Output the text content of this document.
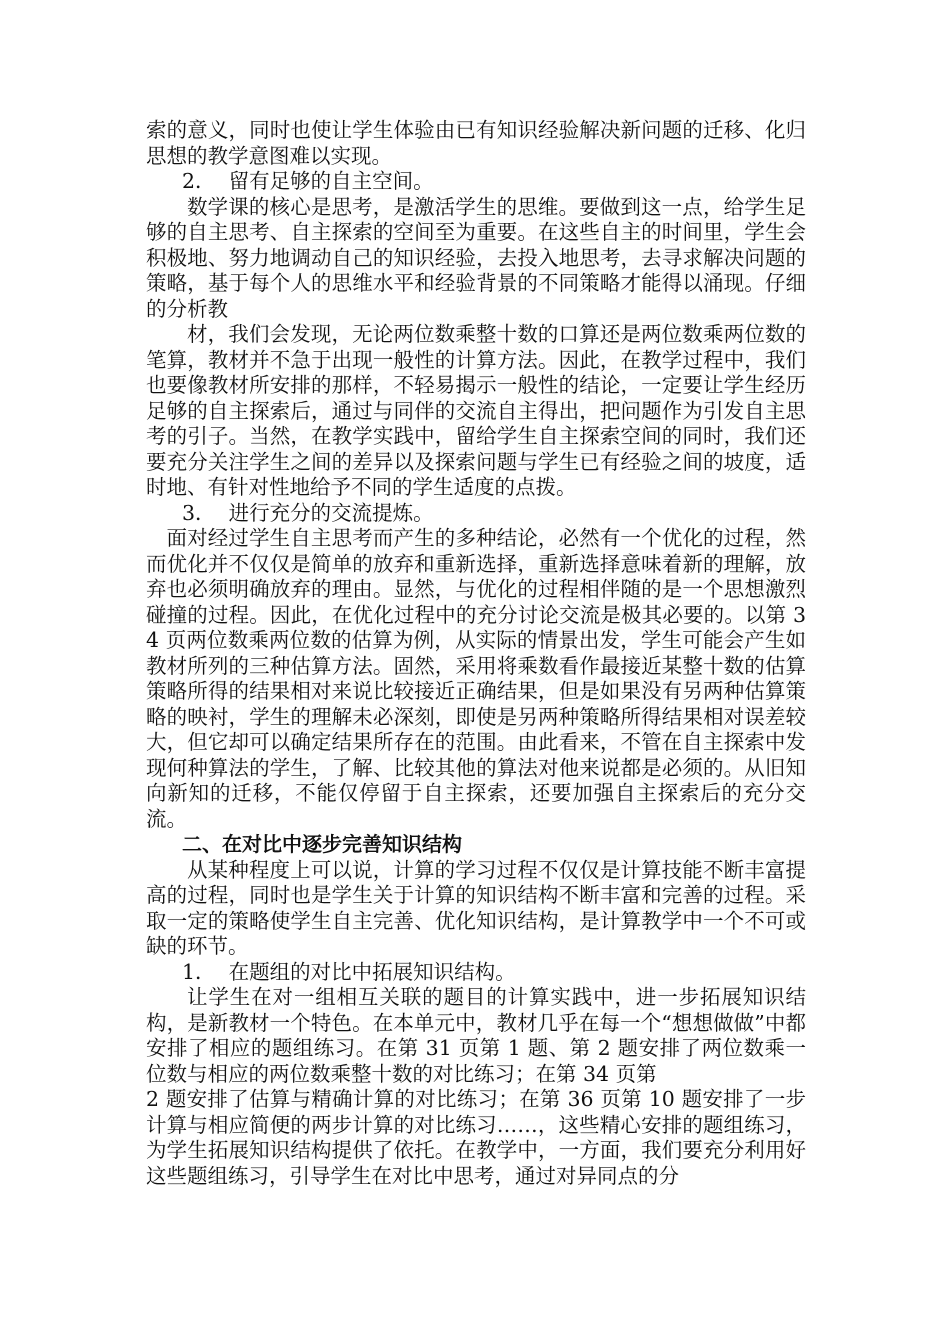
索的意义，同时也使让学生体验由已有知识经验解决新问题的迁移、化归思想的教学意图难以实现。

2．  留有足够的自主空间。

数学课的核心是思考，是激活学生的思维。要做到这一点，给学生足够的自主思考、自主探索的空间至为重要。在这些自主的时间里，学生会积极地、努力地调动自己的知识经验，去投入地思考，去寻求解决问题的策略，基于每个人的思维水平和经验背景的不同策略才能得以涌现。仔细的分析教

材，我们会发现，无论两位数乘整十数的口算还是两位数乘两位数的笔算，教材并不急于出现一般性的计算方法。因此，在教学过程中，我们也要像教材所安排的那样，不轻易揭示一般性的结论，一定要让学生经历足够的自主探索后，通过与同伴的交流自主得出，把问题作为引发自主思考的引子。当然，在教学实践中，留给学生自主探索空间的同时，我们还要充分关注学生之间的差异以及探索问题与学生已有经验之间的坡度，适时地、有针对性地给予不同的学生适度的点拨。

3．  进行充分的交流提炼。

面对经过学生自主思考而产生的多种结论，必然有一个优化的过程，然而优化并不仅仅是简单的放弃和重新选择，重新选择意味着新的理解，放弃也必须明确放弃的理由。显然，与优化的过程相伴随的是一个思想激烈碰撞的过程。因此，在优化过程中的充分讨论交流是极其必要的。以第 34 页两位数乘两位数的估算为例，从实际的情景出发，学生可能会产生如教材所列的三种估算方法。固然，采用将乘数看作最接近某整十数的估算策略所得的结果相对来说比较接近正确结果，但是如果没有另两种估算策略的映衬，学生的理解未必深刻，即使是另两种策略所得结果相对误差较大，但它却可以确定结果所存在的范围。由此看来，不管在自主探索中发现何种算法的学生，了解、比较其他的算法对他来说都是必须的。从旧知向新知的迁移，不能仅停留于自主探索，还要加强自主探索后的充分交流。

二、在对比中逐步完善知识结构

从某种程度上可以说，计算的学习过程不仅仅是计算技能不断丰富提高的过程，同时也是学生关于计算的知识结构不断丰富和完善的过程。采取一定的策略使学生自主完善、优化知识结构，是计算教学中一个不可或缺的环节。

1．  在题组的对比中拓展知识结构。

让学生在对一组相互关联的题目的计算实践中，进一步拓展知识结构，是新教材一个特色。在本单元中，教材几乎在每一个“想想做做”中都安排了相应的题组练习。在第 31 页第 1 题、第 2 题安排了两位数乘一位数与相应的两位数乘整十数的对比练习；在第 34 页第

2 题安排了估算与精确计算的对比练习；在第 36 页第 10 题安排了一步计算与相应简便的两步计算的对比练习……，这些精心安排的题组练习，为学生拓展知识结构提供了依托。在教学中，一方面，我们要充分利用好这些题组练习，引导学生在对比中思考，通过对异同点的分
